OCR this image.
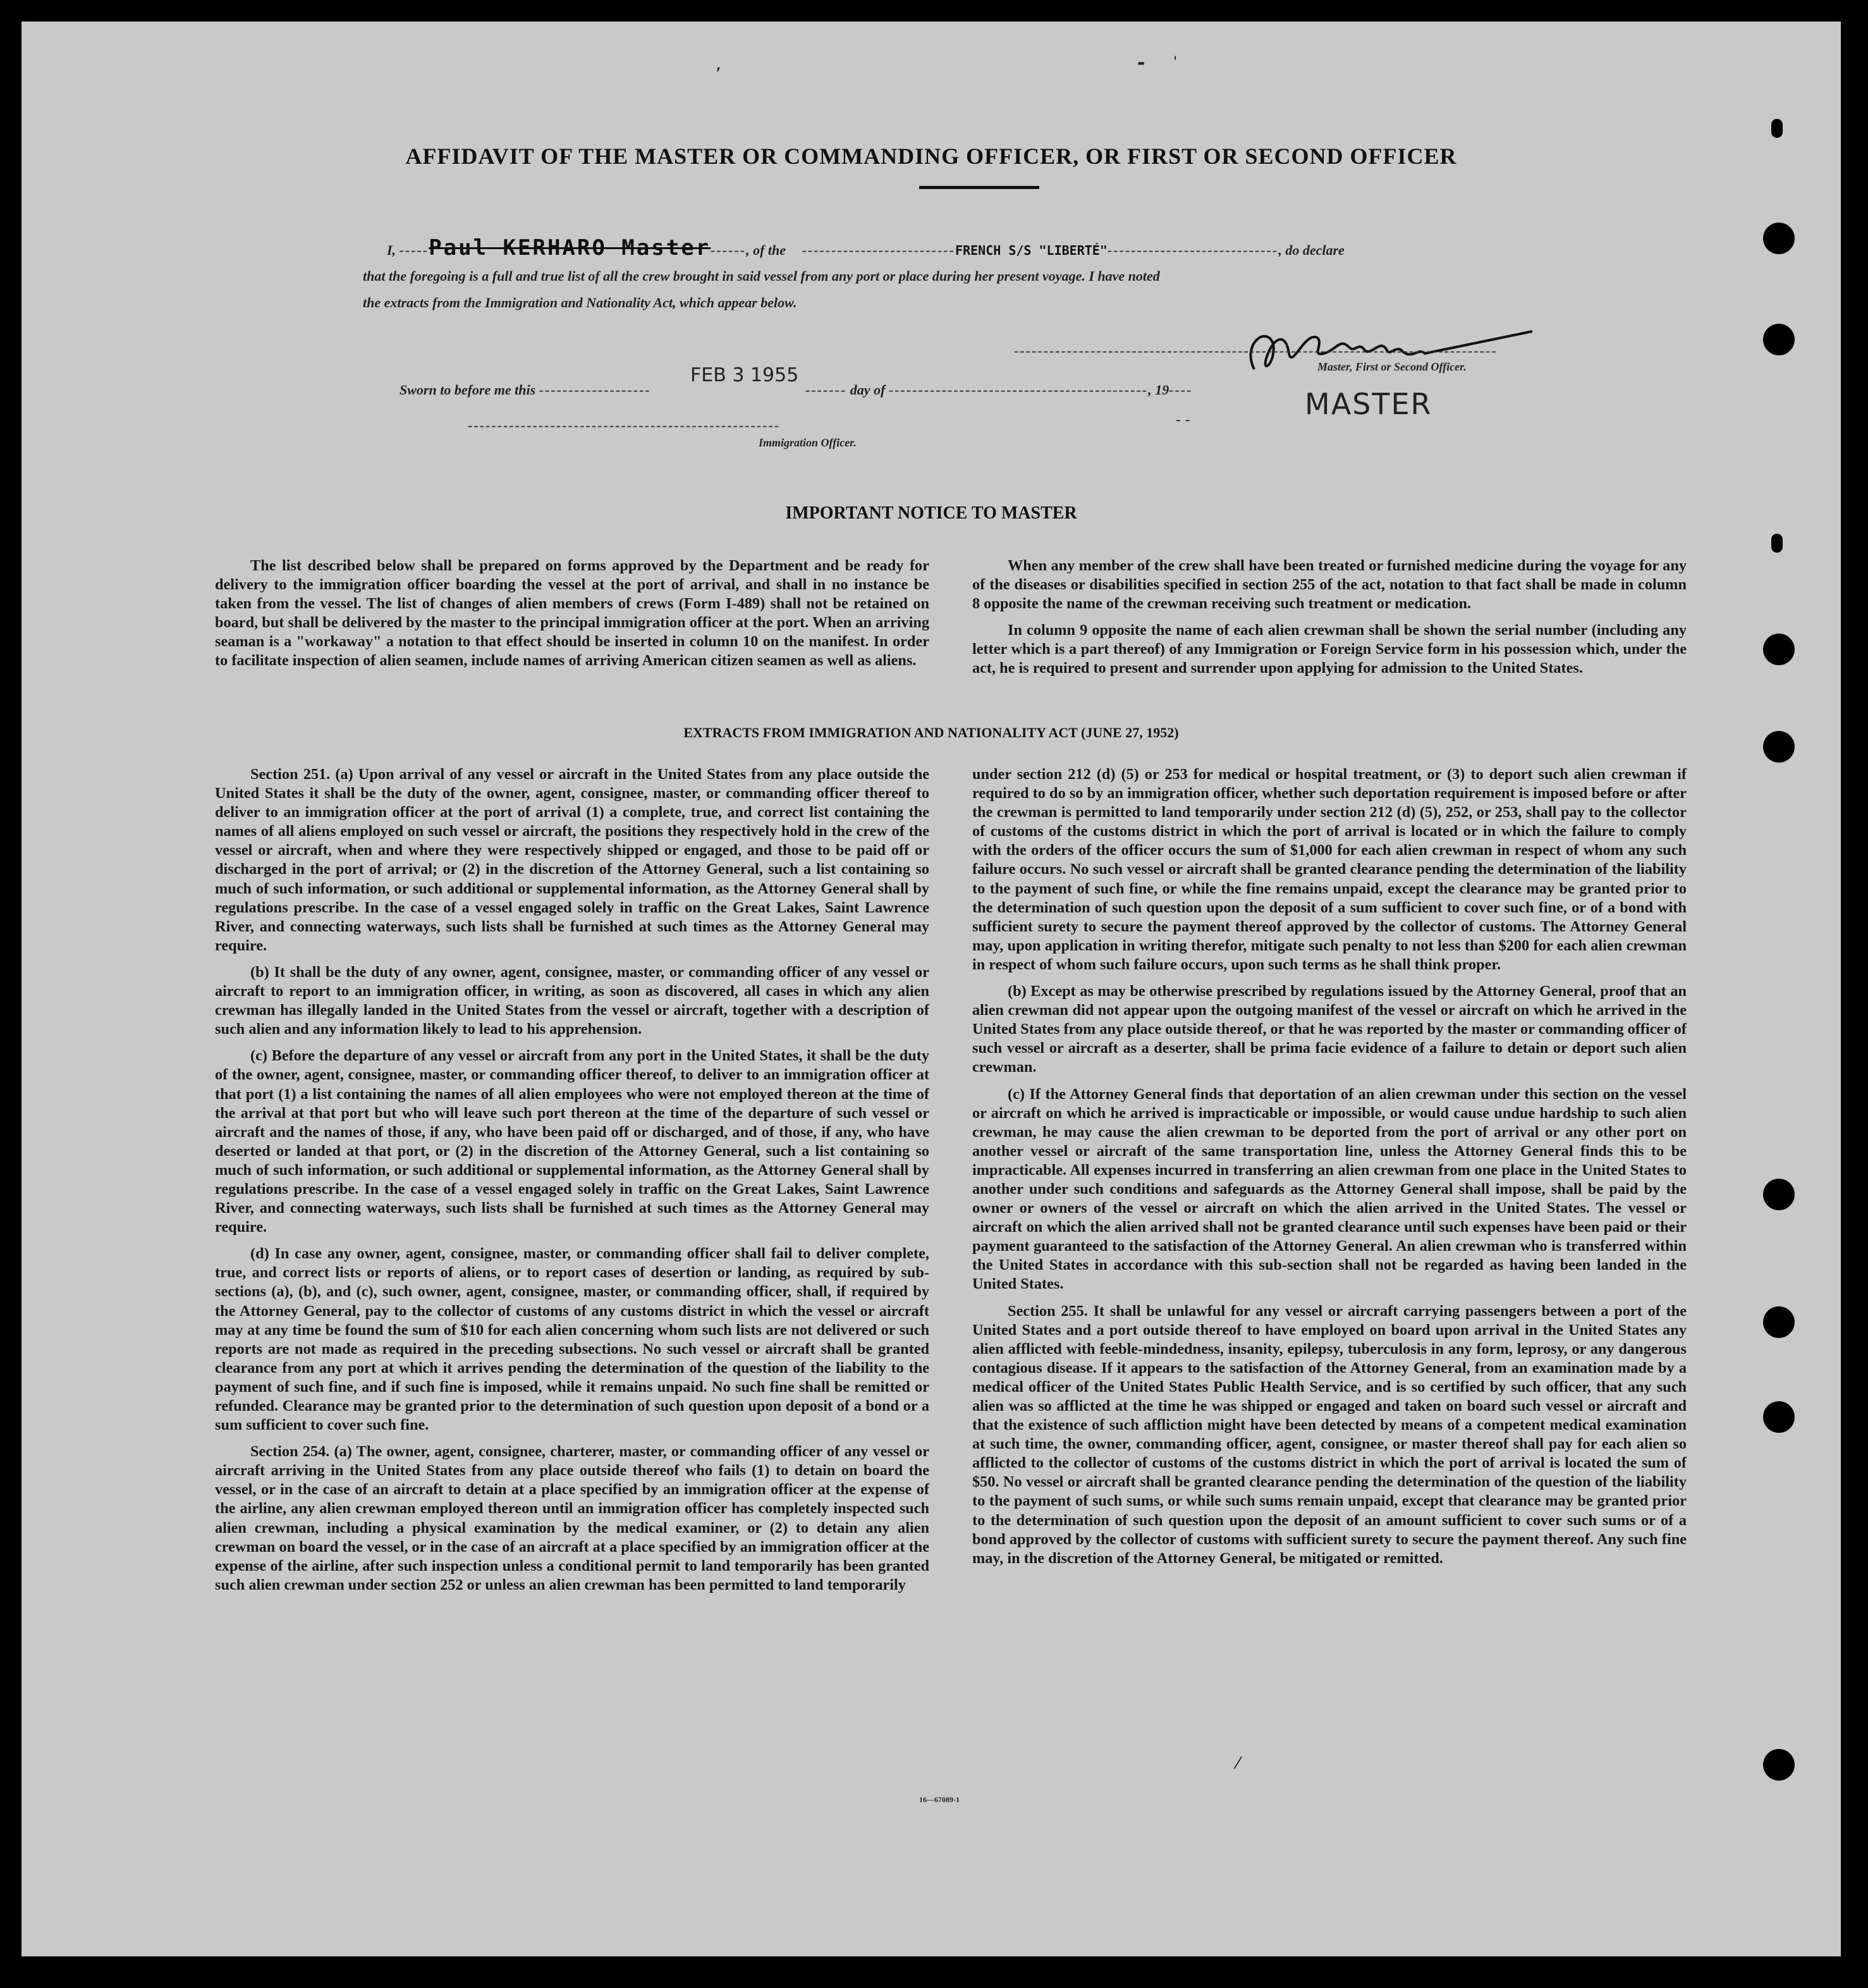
,	- '
AFFIDAVIT OF THE MASTER OR COMMANDING OFFICER, OR FIRST OR SECOND OFFICER
I, -----Paul KERHARO Master------, of the --------------------------FRENCH S/S "LIBERTÉ"-----------------------------, do declare
that the foregoing is a full and true list of all the crew brought in said vessel from any port or place during her present voyage. I have noted
the extracts from the Immigration and Nationality Act, which appear below.
----------------------------------------------------------------------------------
Master, First or Second Officer.
MASTER
Sworn to before me this -------------------
FEB 3 1955
------- day of --------------------------------------------, 19----
- -
-----------------------------------------------------
Immigration Officer.
IMPORTANT NOTICE TO MASTER

The list described below shall be prepared on forms approved by the Department and be ready for delivery to the immigration officer boarding the vessel at the port of arrival, and shall in no instance be taken from the vessel. The list of changes of alien members of crews (Form I-489) shall not be retained on board, but shall be delivered by the master to the principal immigration officer at the port. When an arriving seaman is a "workaway" a notation to that effect should be inserted in column 10 on the manifest. In order to facilitate inspection of alien seamen, include names of arriving American citizen seamen as well as aliens.

When any member of the crew shall have been treated or furnished medicine during the voyage for any of the diseases or disabilities specified in section 255 of the act, notation to that fact shall be made in column 8 opposite the name of the crewman receiving such treatment or medication.

In column 9 opposite the name of each alien crewman shall be shown the serial number (including any letter which is a part thereof) of any Immigration or Foreign Service form in his possession which, under the act, he is required to present and surrender upon applying for admission to the United States.

EXTRACTS FROM IMMIGRATION AND NATIONALITY ACT (JUNE 27, 1952)

Section 251. (a) Upon arrival of any vessel or aircraft in the United States from any place outside the United States it shall be the duty of the owner, agent, consignee, master, or commanding officer thereof to deliver to an immigration officer at the port of arrival (1) a complete, true, and correct list containing the names of all aliens employed on such vessel or aircraft, the positions they respectively hold in the crew of the vessel or aircraft, when and where they were respectively shipped or engaged, and those to be paid off or discharged in the port of arrival; or (2) in the discretion of the Attorney General, such a list containing so much of such information, or such additional or supplemental information, as the Attorney General shall by regulations prescribe. In the case of a vessel engaged solely in traffic on the Great Lakes, Saint Lawrence River, and connecting waterways, such lists shall be furnished at such times as the Attorney General may require.

(b) It shall be the duty of any owner, agent, consignee, master, or commanding officer of any vessel or aircraft to report to an immigration officer, in writing, as soon as discovered, all cases in which any alien crewman has illegally landed in the United States from the vessel or aircraft, together with a description of such alien and any information likely to lead to his apprehension.

(c) Before the departure of any vessel or aircraft from any port in the United States, it shall be the duty of the owner, agent, consignee, master, or commanding officer thereof, to deliver to an immigration officer at that port (1) a list containing the names of all alien employees who were not employed thereon at the time of the arrival at that port but who will leave such port thereon at the time of the departure of such vessel or aircraft and the names of those, if any, who have been paid off or discharged, and of those, if any, who have deserted or landed at that port, or (2) in the discretion of the Attorney General, such a list containing so much of such information, or such additional or supplemental information, as the Attorney General shall by regulations prescribe. In the case of a vessel engaged solely in traffic on the Great Lakes, Saint Lawrence River, and connecting waterways, such lists shall be furnished at such times as the Attorney General may require.

(d) In case any owner, agent, consignee, master, or commanding officer shall fail to deliver complete, true, and correct lists or reports of aliens, or to report cases of desertion or landing, as required by sub-sections (a), (b), and (c), such owner, agent, consignee, master, or commanding officer, shall, if required by the Attorney General, pay to the collector of customs of any customs district in which the vessel or aircraft may at any time be found the sum of $10 for each alien concerning whom such lists are not delivered or such reports are not made as required in the preceding subsections. No such vessel or aircraft shall be granted clearance from any port at which it arrives pending the determination of the question of the liability to the payment of such fine, and if such fine is imposed, while it remains unpaid. No such fine shall be remitted or refunded. Clearance may be granted prior to the determination of such question upon deposit of a bond or a sum sufficient to cover such fine.

Section 254. (a) The owner, agent, consignee, charterer, master, or commanding officer of any vessel or aircraft arriving in the United States from any place outside thereof who fails (1) to detain on board the vessel, or in the case of an aircraft to detain at a place specified by an immigration officer at the expense of the airline, any alien crewman employed thereon until an immigration officer has completely inspected such alien crewman, including a physical examination by the medical examiner, or (2) to detain any alien crewman on board the vessel, or in the case of an aircraft at a place specified by an immigration officer at the expense of the airline, after such inspection unless a conditional permit to land temporarily has been granted such alien crewman under section 252 or unless an alien crewman has been permitted to land temporarily

under section 212 (d) (5) or 253 for medical or hospital treatment, or (3) to deport such alien crewman if required to do so by an immigration officer, whether such deportation requirement is imposed before or after the crewman is permitted to land temporarily under section 212 (d) (5), 252, or 253, shall pay to the collector of customs of the customs district in which the port of arrival is located or in which the failure to comply with the orders of the officer occurs the sum of $1,000 for each alien crewman in respect of whom any such failure occurs. No such vessel or aircraft shall be granted clearance pending the determination of the liability to the payment of such fine, or while the fine remains unpaid, except the clearance may be granted prior to the determination of such question upon the deposit of a sum sufficient to cover such fine, or of a bond with sufficient surety to secure the payment thereof approved by the collector of customs. The Attorney General may, upon application in writing therefor, mitigate such penalty to not less than $200 for each alien crewman in respect of whom such failure occurs, upon such terms as he shall think proper.

(b) Except as may be otherwise prescribed by regulations issued by the Attorney General, proof that an alien crewman did not appear upon the outgoing manifest of the vessel or aircraft on which he arrived in the United States from any place outside thereof, or that he was reported by the master or commanding officer of such vessel or aircraft as a deserter, shall be prima facie evidence of a failure to detain or deport such alien crewman.

(c) If the Attorney General finds that deportation of an alien crewman under this section on the vessel or aircraft on which he arrived is impracticable or impossible, or would cause undue hardship to such alien crewman, he may cause the alien crewman to be deported from the port of arrival or any other port on another vessel or aircraft of the same transportation line, unless the Attorney General finds this to be impracticable. All expenses incurred in transferring an alien crewman from one place in the United States to another under such conditions and safeguards as the Attorney General shall impose, shall be paid by the owner or owners of the vessel or aircraft on which the alien arrived in the United States. The vessel or aircraft on which the alien arrived shall not be granted clearance until such expenses have been paid or their payment guaranteed to the satisfaction of the Attorney General. An alien crewman who is transferred within the United States in accordance with this sub-section shall not be regarded as having been landed in the United States.

Section 255. It shall be unlawful for any vessel or aircraft carrying passengers between a port of the United States and a port outside thereof to have employed on board upon arrival in the United States any alien afflicted with feeble-mindedness, insanity, epilepsy, tuberculosis in any form, leprosy, or any dangerous contagious disease. If it appears to the satisfaction of the Attorney General, from an examination made by a medical officer of the United States Public Health Service, and is so certified by such officer, that any such alien was so afflicted at the time he was shipped or engaged and taken on board such vessel or aircraft and that the existence of such affliction might have been detected by means of a competent medical examination at such time, the owner, commanding officer, agent, consignee, or master thereof shall pay for each alien so afflicted to the collector of customs of the customs district in which the port of arrival is located the sum of $50. No vessel or aircraft shall be granted clearance pending the determination of the question of the liability to the payment of such sums, or while such sums remain unpaid, except that clearance may be granted prior to the determination of such question upon the deposit of an amount sufficient to cover such sums or of a bond approved by the collector of customs with sufficient surety to secure the payment thereof. Any such fine may, in the discretion of the Attorney General, be mitigated or remitted.

16—67089-1
⁄
